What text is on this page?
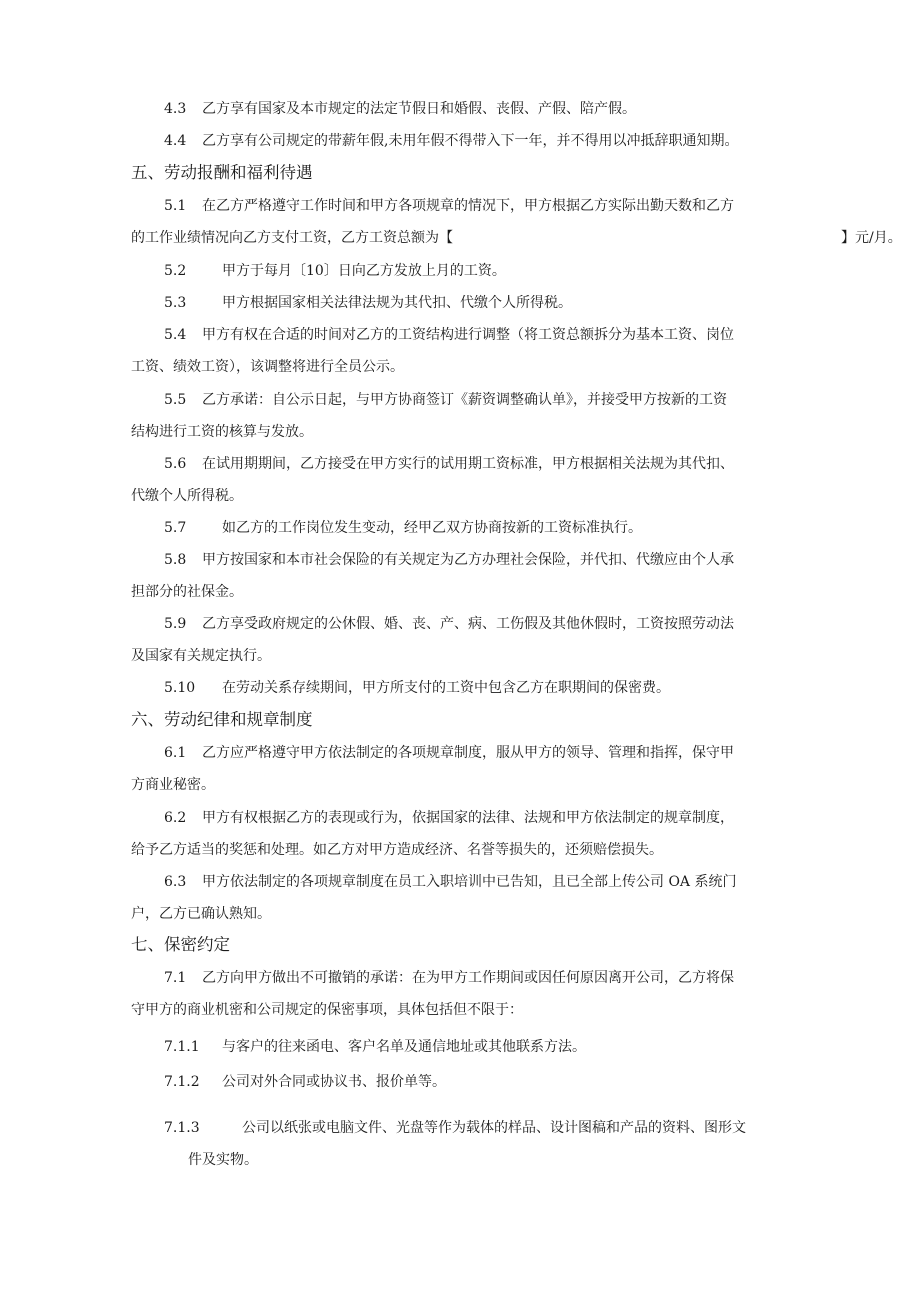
4.3 乙方享有国家及本市规定的法定节假日和婚假、丧假、产假、陪产假。
4.4 乙方享有公司规定的带薪年假,未用年假不得带入下一年，并不得用以冲抵辞职通知期。
五、劳动报酬和福利待遇
5.1 在乙方严格遵守工作时间和甲方各项规章的情况下，甲方根据乙方实际出勤天数和乙方
的工作业绩情况向乙方支付工资，乙方工资总额为【	】元/月。
5.2	甲方于每月〔10〕日向乙方发放上月的工资。
5.3	甲方根据国家相关法律法规为其代扣、代缴个人所得税。
5.4 甲方有权在合适的时间对乙方的工资结构进行调整（将工资总额拆分为基本工资、岗位
工资、绩效工资），该调整将进行全员公示。
5.5 乙方承诺：自公示日起，与甲方协商签订《薪资调整确认单》，并接受甲方按新的工资
结构进行工资的核算与发放。
5.6 在试用期期间，乙方接受在甲方实行的试用期工资标准，甲方根据相关法规为其代扣、
代缴个人所得税。
5.7	如乙方的工作岗位发生变动，经甲乙双方协商按新的工资标准执行。
5.8 甲方按国家和本市社会保险的有关规定为乙方办理社会保险，并代扣、代缴应由个人承
担部分的社保金。
5.9 乙方享受政府规定的公休假、婚、丧、产、病、工伤假及其他休假时，工资按照劳动法
及国家有关规定执行。
5.10 在劳动关系存续期间，甲方所支付的工资中包含乙方在职期间的保密费。
六、劳动纪律和规章制度
6.1 乙方应严格遵守甲方依法制定的各项规章制度，服从甲方的领导、管理和指挥，保守甲
方商业秘密。
6.2 甲方有权根据乙方的表现或行为，依据国家的法律、法规和甲方依法制定的规章制度，
给予乙方适当的奖惩和处理。如乙方对甲方造成经济、名誉等损失的，还须赔偿损失。
6.3 甲方依法制定的各项规章制度在员工入职培训中已告知，且已全部上传公司 OA 系统门
户，乙方已确认熟知。
七、保密约定
7.1 乙方向甲方做出不可撤销的承诺：在为甲方工作期间或因任何原因离开公司，乙方将保
守甲方的商业机密和公司规定的保密事项，具体包括但不限于：
7.1.1 与客户的往来函电、客户名单及通信地址或其他联系方法。
7.1.2 公司对外合同或协议书、报价单等。
7.1.3	公司以纸张或电脑文件、光盘等作为载体的样品、设计图稿和产品的资料、图形文
件及实物。
